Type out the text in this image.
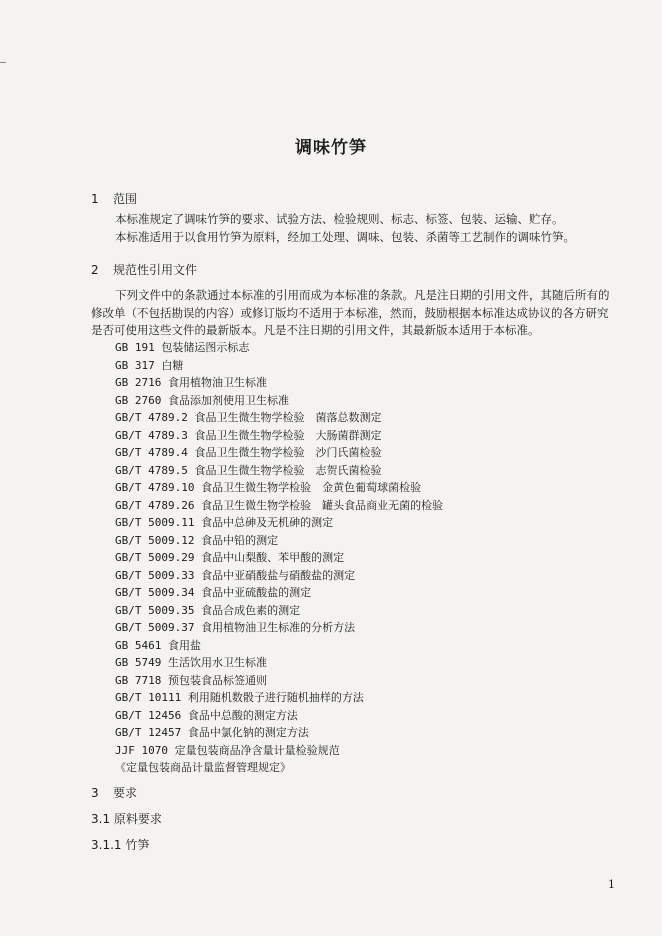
调味竹笋
1 范围
本标准规定了调味竹笋的要求、试验方法、检验规则、标志、标签、包装、运输、贮存。
本标准适用于以食用竹笋为原料，经加工处理、调味、包装、杀菌等工艺制作的调味竹笋。
2 规范性引用文件
下列文件中的条款通过本标准的引用而成为本标准的条款。凡是注日期的引用文件，其随后所有的
修改单（不包括勘误的内容）或修订版均不适用于本标准，然而，鼓励根据本标准达成协议的各方研究
是否可使用这些文件的最新版本。凡是不注日期的引用文件，其最新版本适用于本标准。
GB 191 包装储运图示标志
GB 317 白糖
GB 2716 食用植物油卫生标准
GB 2760 食品添加剂使用卫生标准
GB/T 4789.2 食品卫生微生物学检验　菌落总数测定
GB/T 4789.3 食品卫生微生物学检验　大肠菌群测定
GB/T 4789.4 食品卫生微生物学检验　沙门氏菌检验
GB/T 4789.5 食品卫生微生物学检验　志贺氏菌检验
GB/T 4789.10 食品卫生微生物学检验　金黄色葡萄球菌检验
GB/T 4789.26 食品卫生微生物学检验　罐头食品商业无菌的检验
GB/T 5009.11 食品中总砷及无机砷的测定
GB/T 5009.12 食品中铅的测定
GB/T 5009.29 食品中山梨酸、苯甲酸的测定
GB/T 5009.33 食品中亚硝酸盐与硝酸盐的测定
GB/T 5009.34 食品中亚硫酸盐的测定
GB/T 5009.35 食品合成色素的测定
GB/T 5009.37 食用植物油卫生标准的分析方法
GB 5461 食用盐
GB 5749 生活饮用水卫生标准
GB 7718 预包装食品标签通则
GB/T 10111 利用随机数骰子进行随机抽样的方法
GB/T 12456 食品中总酸的测定方法
GB/T 12457 食品中氯化钠的测定方法
JJF 1070 定量包装商品净含量计量检验规范
《定量包装商品计量监督管理规定》
3 要求
3.1 原料要求
3.1.1 竹笋
1
